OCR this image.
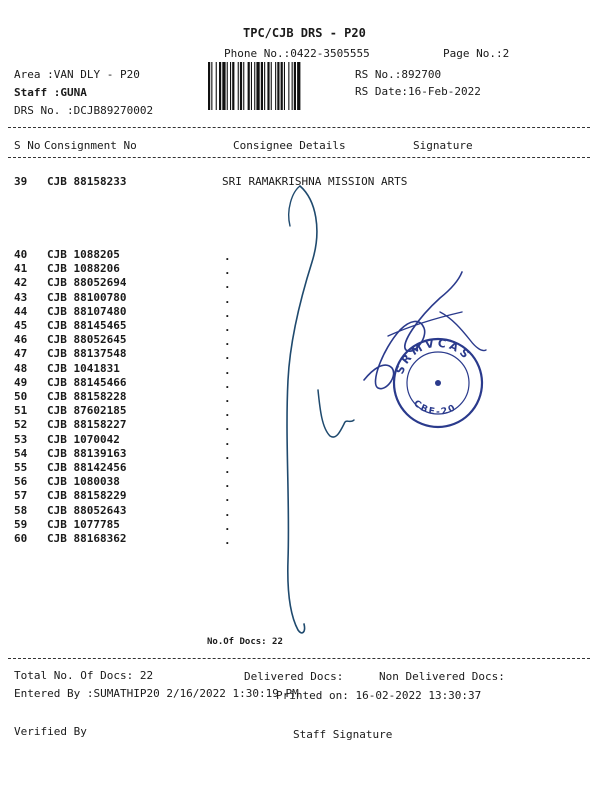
TPC/CJB DRS - P20
Phone No.:0422-3505555	Page No.:2
Area :VAN DLY - P20
Staff :GUNA
DRS No. :DCJB89270002
RS No.:892700
RS Date:16-Feb-2022
S No Consignment No	Consignee Details	Signature
39 CJB 88158233	SRI RAMAKRISHNA MISSION ARTS
40 CJB 1088205	.
41 CJB 1088206	.
42 CJB 88052694	.
43 CJB 88100780	.
44 CJB 88107480	.
45 CJB 88145465	.
46 CJB 88052645	.
47 CJB 88137548	.
48 CJB 1041831	.
49 CJB 88145466	.
50 CJB 88158228	.
51 CJB 87602185	.
52 CJB 88158227	.
53 CJB 1070042	.
54 CJB 88139163	.
55 CJB 88142456	.
56 CJB 1080038	.
57 CJB 88158229	.
58 CJB 88052643	.
59 CJB 1077785	.
60 CJB 88168362	.
No.Of Docs: 22
Total No. Of Docs: 22	Delivered Docs:	Non Delivered Docs:
Entered By :SUMATHIP20 2/16/2022 1:30:19 PM
Printed on: 16-02-2022 13:30:37
Verified By	Staff Signature
SRMVCAS
CBE-20
